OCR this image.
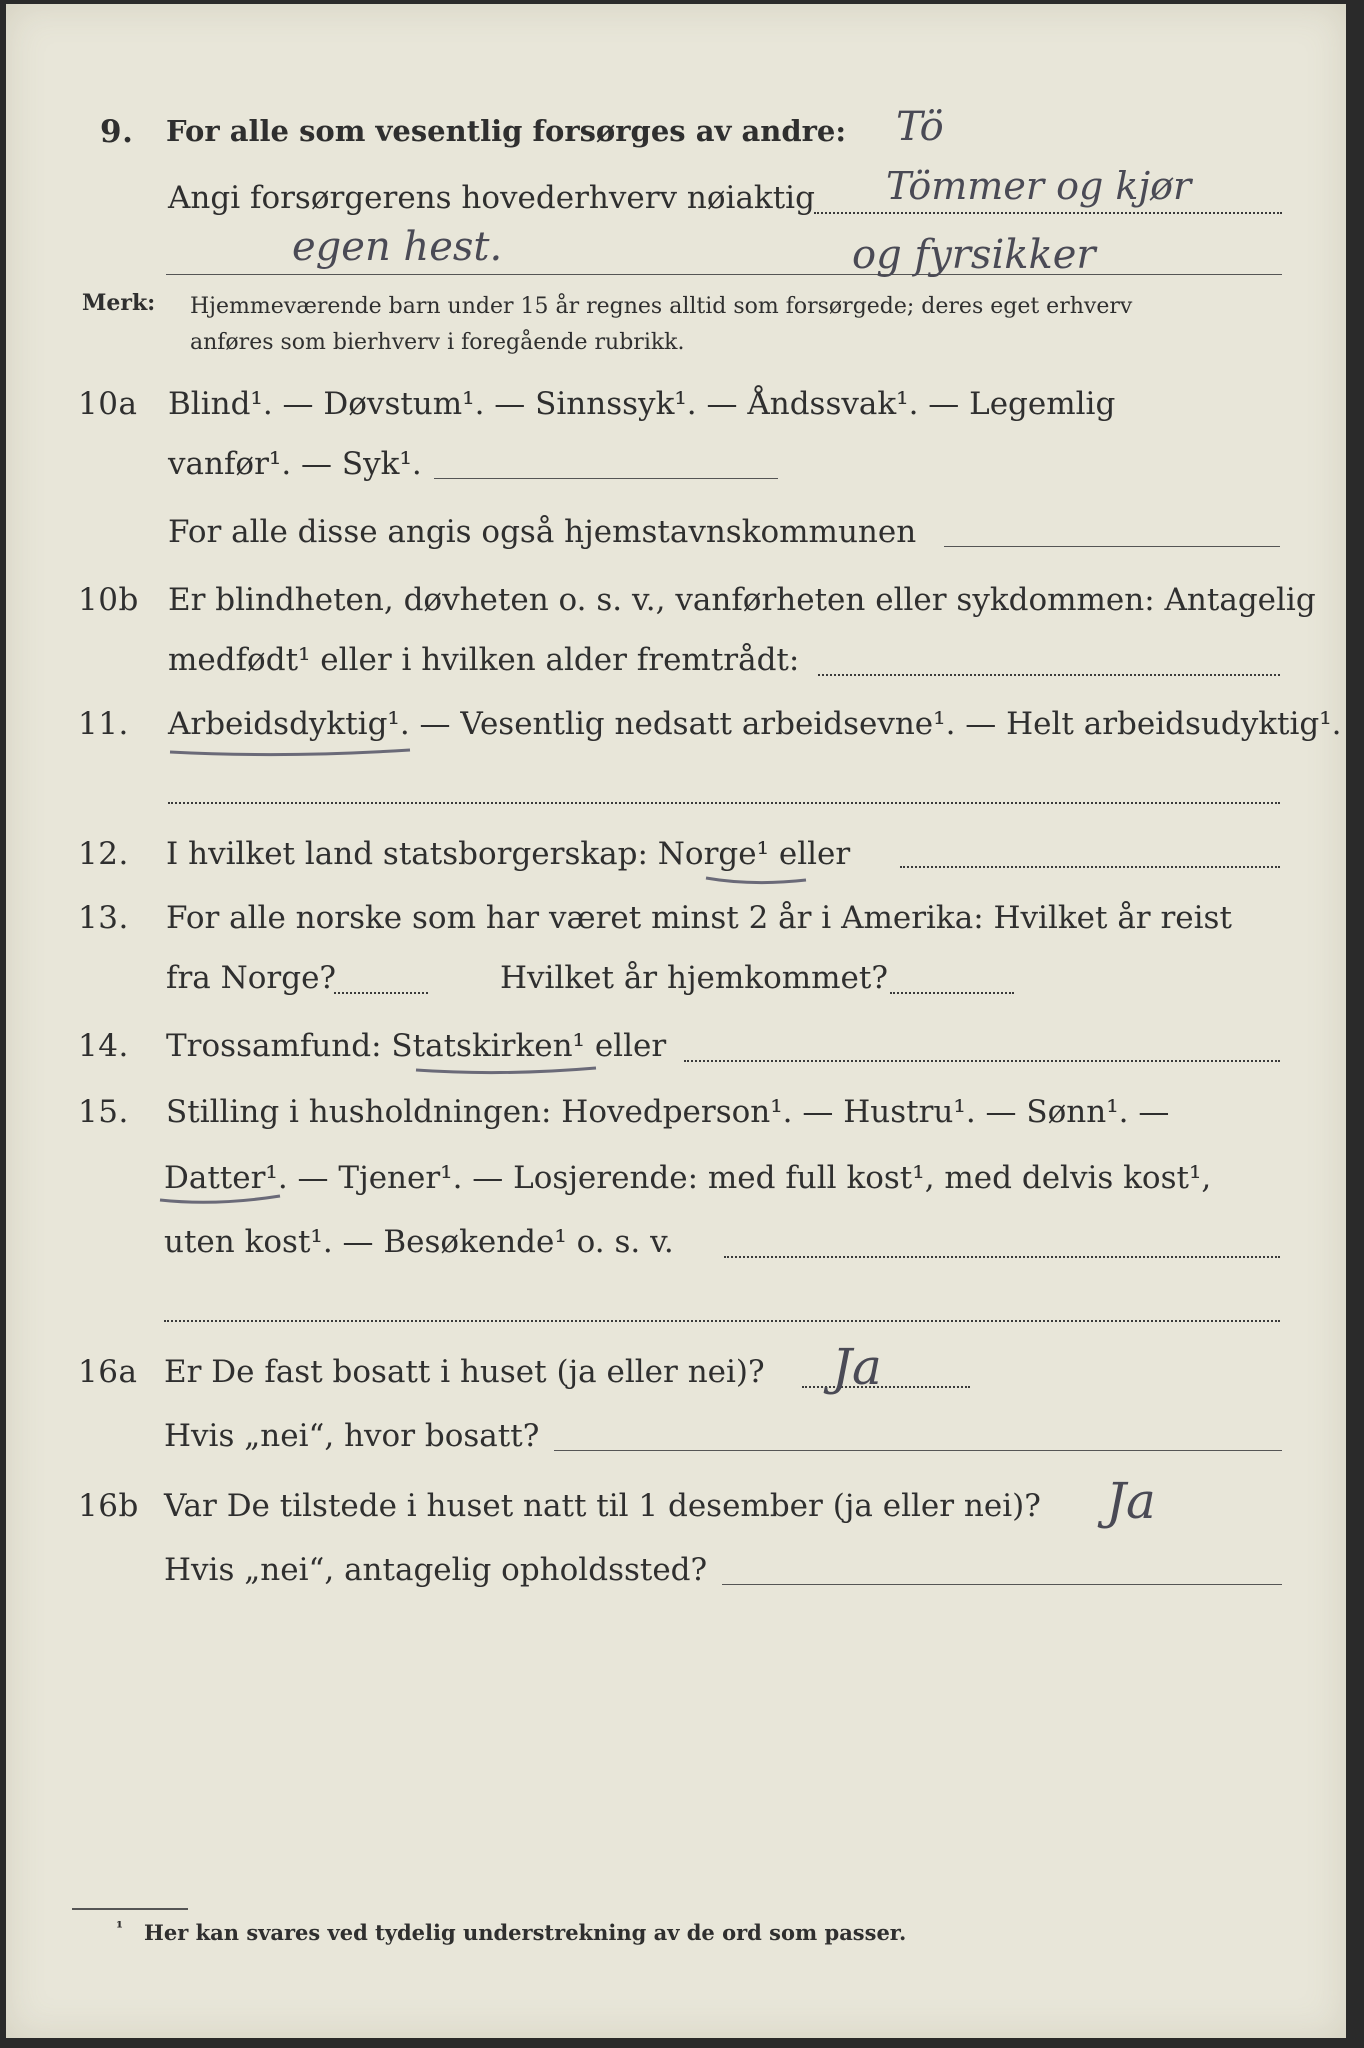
9. For alle som vesentlig forsørges av andre: Tö
Angi forsørgerens hovederhverv nøiaktig Tömmer og kjør
egen hest.	og fyrsikker
Merk: Hjemmeværende barn under 15 år regnes alltid som forsørgede; deres eget erhverv
anføres som bierhverv i foregående rubrikk.
10a Blind¹. — Døvstum¹. — Sinnssyk¹. — Åndssvak¹. — Legemlig
vanfør¹. — Syk¹.
For alle disse angis også hjemstavnskommunen
10b Er blindheten, døvheten o. s. v., vanførheten eller sykdommen: Antagelig
medfødt¹ eller i hvilken alder fremtrådt:
11. Arbeidsdyktig¹. — Vesentlig nedsatt arbeidsevne¹. — Helt arbeidsudyktig¹.
12. I hvilket land statsborgerskap: Norge¹ eller
13. For alle norske som har været minst 2 år i Amerika: Hvilket år reist
fra Norge?	Hvilket år hjemkommet?
14. Trossamfund: Statskirken¹ eller
15. Stilling i husholdningen: Hovedperson¹. — Hustru¹. — Sønn¹. —
Datter¹. — Tjener¹. — Losjerende: med full kost¹, med delvis kost¹,
uten kost¹. — Besøkende¹ o. s. v.
16a Er De fast bosatt i huset (ja eller nei)? Ja
Hvis „nei“, hvor bosatt?
16b Var De tilstede i huset natt til 1 desember (ja eller nei)? Ja
Hvis „nei“, antagelig opholdssted?
¹ Her kan svares ved tydelig understrekning av de ord som passer.
